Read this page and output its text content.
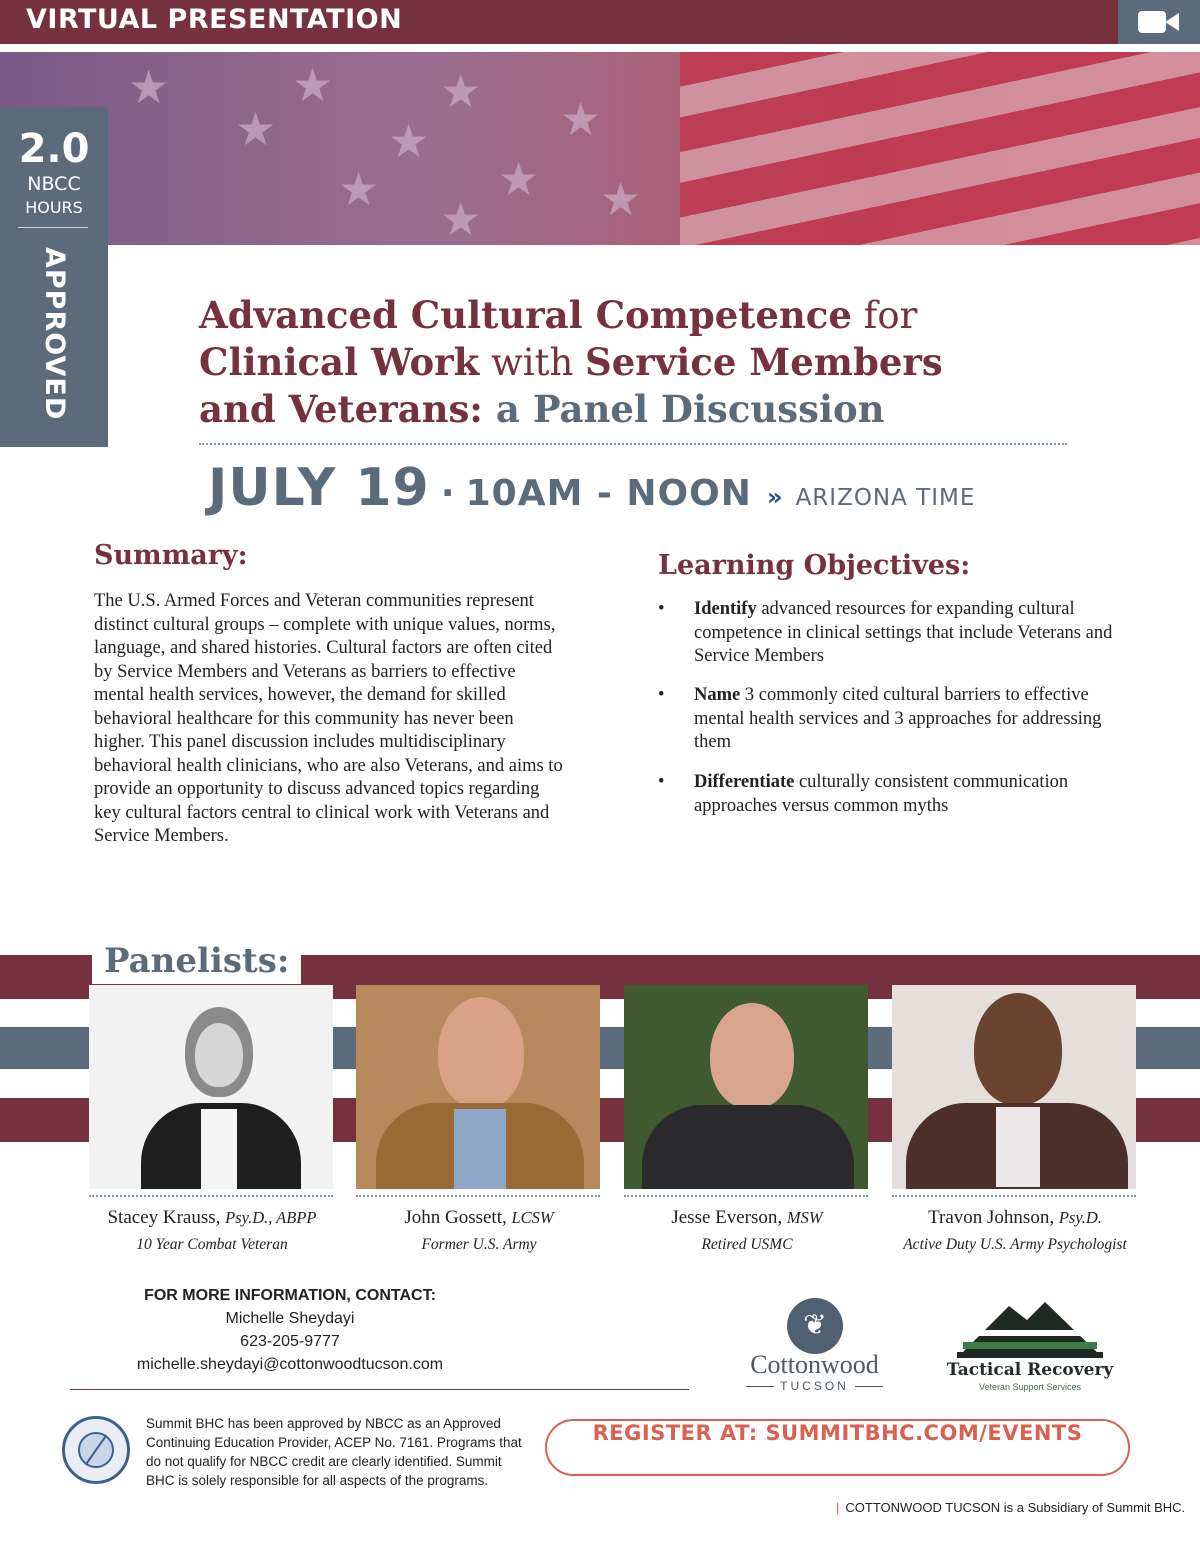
VIRTUAL PRESENTATION
★
★
★
★
★
★	★
★
★	★
2.0
NBCC
HOURS
APPROVED	Advanced Cultural Competence for
Clinical Work with Service Members
and Veterans: a Panel Discussion
JULY 19 · 10AM - NOON » ARIZONA TIME
Summary:
The U.S. Armed Forces and Veteran communities represent distinct cultural groups – complete with unique values, norms, language, and shared histories. Cultural factors are often cited by Service Members and Veterans as barriers to effective mental health services, however, the demand for skilled behavioral healthcare for this community has never been higher. This panel discussion includes multidisciplinary behavioral health clinicians, who are also Veterans, and aims to provide an opportunity to discuss advanced topics regarding key cultural factors central to clinical work with Veterans and Service Members.
Learning Objectives:
• Identify advanced resources for expanding cultural competence in clinical settings that include Veterans and Service Members
• Name 3 commonly cited cultural barriers to effective mental health services and 3 approaches for addressing them
• Differentiate culturally consistent communication approaches versus common myths
Panelists:
Stacey Krauss, Psy.D., ABPP
10 Year Combat Veteran
John Gossett, LCSW
Former U.S. Army
Jesse Everson, MSW
Retired USMC
Travon Johnson, Psy.D.
Active Duty U.S. Army Psychologist
FOR MORE INFORMATION, CONTACT:
Michelle Sheydayi
623-205-9777
michelle.sheydayi@cottonwoodtucson.com
❦
Cottonwood
TUCSON
Tactical Recovery
Veteran Support Services
Summit BHC has been approved by NBCC as an Approved Continuing Education Provider, ACEP No. 7161. Programs that do not qualify for NBCC credit are clearly identified. Summit BHC is solely responsible for all aspects of the programs.
REGISTER AT: SUMMITBHC.COM/EVENTS
| COTTONWOOD TUCSON is a Subsidiary of Summit BHC.
